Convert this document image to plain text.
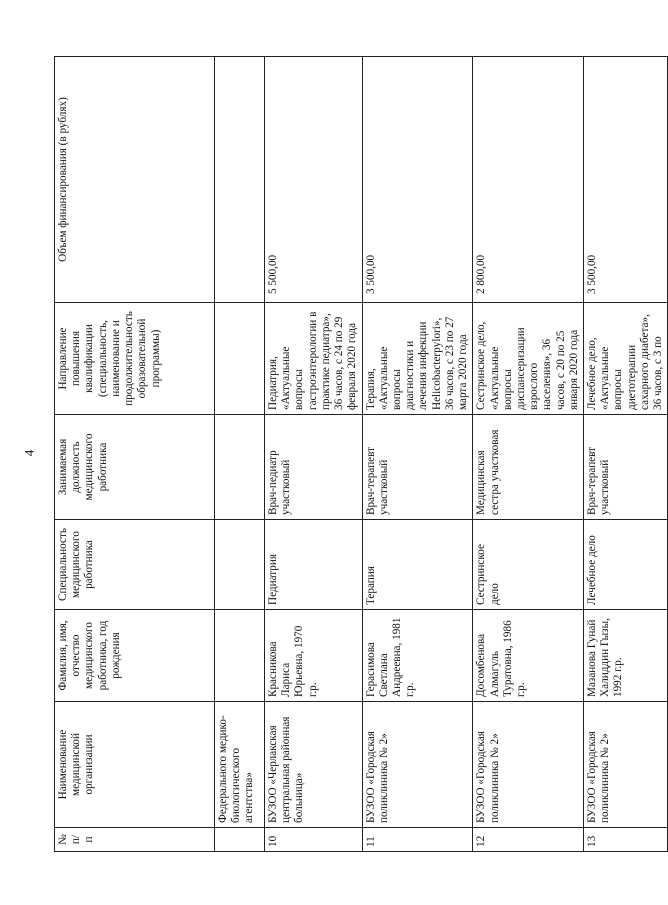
4
№ п/п	Наименование медицинской организации	Фамилия, имя, отчество медицинского работника, год рождения	Специальность медицинского работника	Занимаемая должность медицинского работника	Направление повышения квалификации (специальность, наименование и продолжительность образовательной программы)	Объем финансирования (в рублях)
	Федерального медико-биологического агентства»					
10	БУЗОО «Черлакская центральная районная больница»	Красникова Лариса Юрьевна, 1970 г.р.	Педиатрия	Врач-педиатр участковый	Педиатрия, «Актуальные вопросы гастроэнтерологии в практике педиатра», 36 часов, с 24 по 29 февраля 2020 года	5 500,00
11	БУЗОО «Городская поликлиника № 2»	Герасимова Светлана Андреевна, 1981 г.р.	Терапия	Врач-терапевт участковый	Терапия, «Актуальные вопросы диагностики и лечения инфекции Helicobacterpylori», 36 часов, с 23 по 27 марта 2020 года	3 500,00
12	БУЗОО «Городская поликлиника № 2»	Досомбенова Алмагуль Туратовна, 1986 г.р.	Сестринское дело	Медицинская сестра участковая	Сестринское дело, «Актуальные вопросы диспансеризации взрослого населения», 36 часов, с 20 по 25 января 2020 года	2 800,00
13	БУЗОО «Городская поликлиника № 2»	Мазанова Гунай Халиддин Гызы, 1992 г.р.	Лечебное дело	Врач-терапевт участковый	Лечебное дело, «Актуальные вопросы диетотерапии сахарного диабета», 36 часов, с 3 по	3 500,00
